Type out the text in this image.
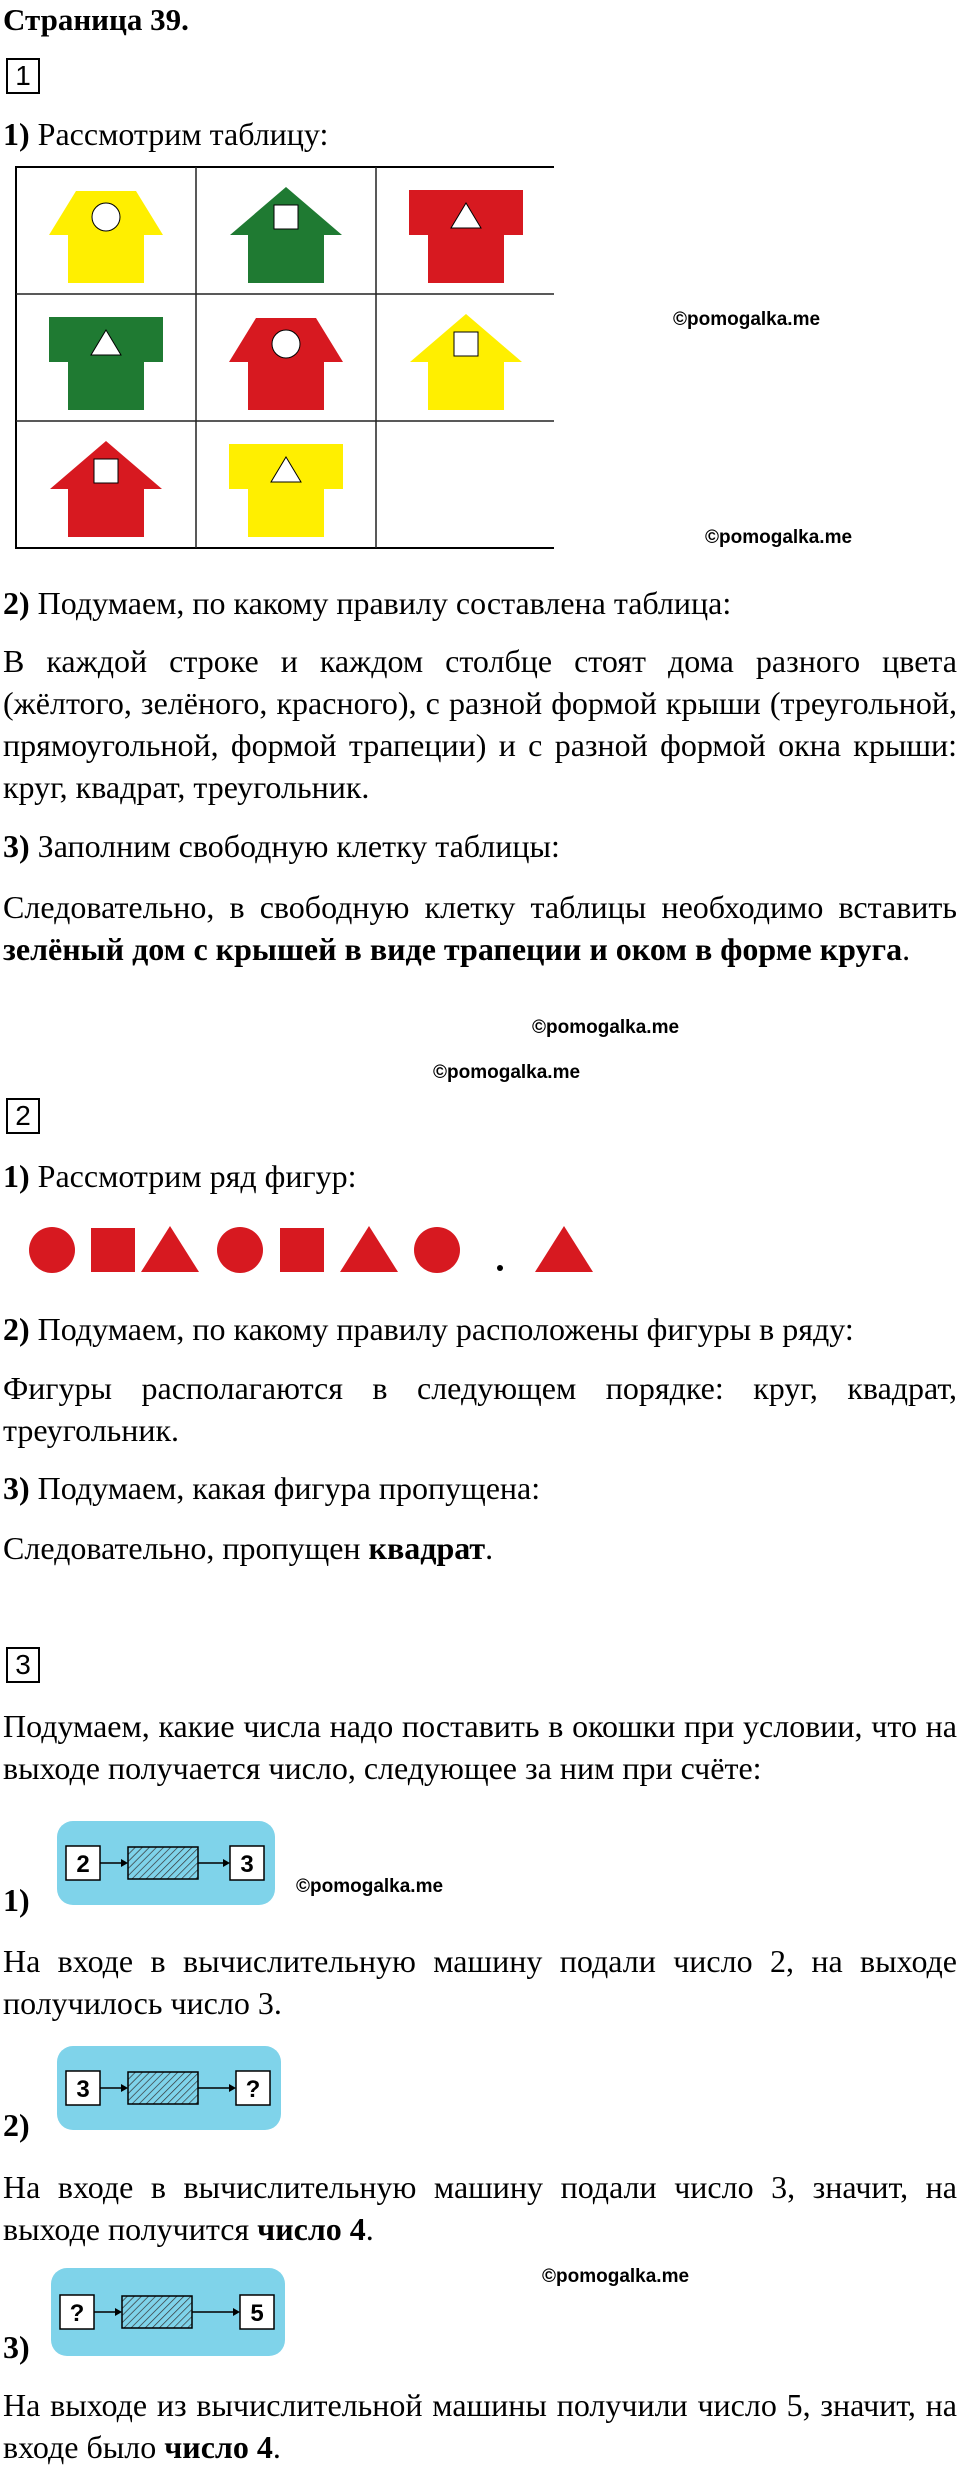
Страница 39.
1
1) Рассмотрим таблицу:
©pomogalka.me
©pomogalka.me
2) Подумаем, по какому правилу составлена таблица:
В каждой строке и каждом столбце стоят дома разного цвета (жёлтого, зелёного, красного), с разной формой крыши (треугольной, прямоугольной, формой трапеции) и с разной формой окна крыши: круг, квадрат, треугольник.
3) Заполним свободную клетку таблицы:
Следовательно, в свободную клетку таблицы необходимо вставить зелёный дом с крышей в виде трапеции и оком в форме круга.
©pomogalka.me
©pomogalka.me
2
1) Рассмотрим ряд фигур:
2) Подумаем, по какому правилу расположены фигуры в ряду:
Фигуры располагаются в следующем порядке: круг, квадрат, треугольник.
3) Подумаем, какая фигура пропущена:
Следовательно, пропущен квадрат.
3
Подумаем, какие числа надо поставить в окошки при условии, что на выходе получается число, следующее за ним при счёте:
2	3
1)	©pomogalka.me
На входе в вычислительную машину подали число 2, на выходе получилось число 3.
3	?
2)
На входе в вычислительную машину подали число 3, значит, на выходе получится число 4.
©pomogalka.me
?	5
3)
На выходе из вычислительной машины получили число 5, значит, на входе было число 4.
